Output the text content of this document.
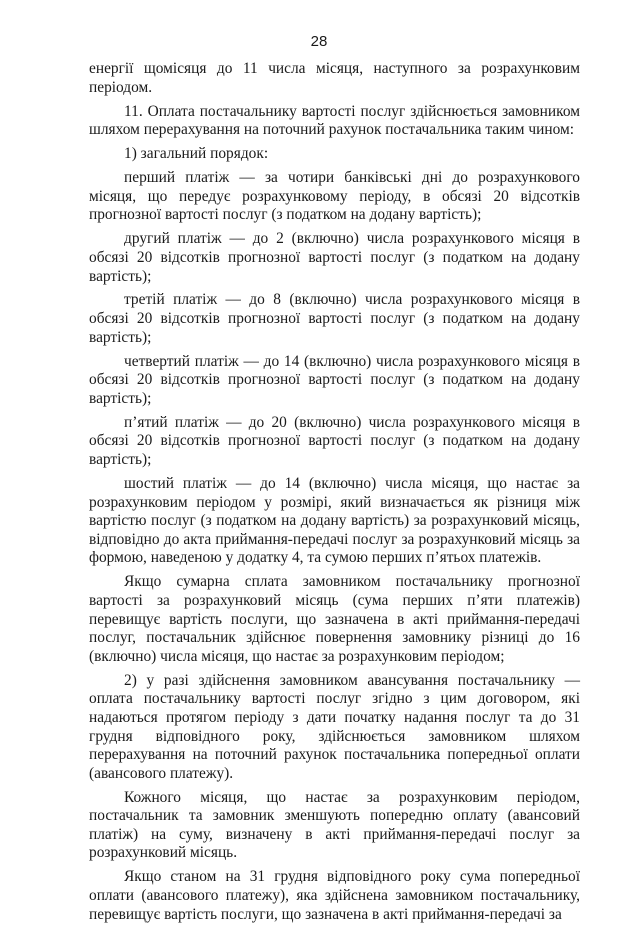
28

енергії щомісяця до 11 числа місяця, наступного за розрахунковим періодом.

11. Оплата постачальнику вартості послуг здійснюється замовником шляхом перерахування на поточний рахунок постачальника таким чином:

1) загальний порядок:

перший платіж — за чотири банківські дні до розрахункового місяця, що передує розрахунковому періоду, в обсязі 20 відсотків прогнозної вартості послуг (з податком на додану вартість);

другий платіж — до 2 (включно) числа розрахункового місяця в обсязі 20 відсотків прогнозної вартості послуг (з податком на додану вартість);

третій платіж — до 8 (включно) числа розрахункового місяця в обсязі 20 відсотків прогнозної вартості послуг (з податком на додану вартість);

четвертий платіж — до 14 (включно) числа розрахункового місяця в обсязі 20 відсотків прогнозної вартості послуг (з податком на додану вартість);

п’ятий платіж — до 20 (включно) числа розрахункового місяця в обсязі 20 відсотків прогнозної вартості послуг (з податком на додану вартість);

шостий платіж — до 14 (включно) числа місяця, що настає за розрахунковим періодом у розмірі, який визначається як різниця між вартістю послуг (з податком на додану вартість) за розрахунковий місяць, відповідно до акта приймання-передачі послуг за розрахунковий місяць за формою, наведеною у додатку 4, та сумою перших п’ятьох платежів.

Якщо сумарна сплата замовником постачальнику прогнозної вартості за розрахунковий місяць (сума перших п’яти платежів) перевищує вартість послуги, що зазначена в акті приймання-передачі послуг, постачальник здійснює повернення замовнику різниці до 16 (включно) числа місяця, що настає за розрахунковим періодом;

2) у разі здійснення замовником авансування постачальнику — оплата постачальнику вартості послуг згідно з цим договором, які надаються протягом періоду з дати початку надання послуг та до 31 грудня відповідного року, здійснюється замовником шляхом перерахування на поточний рахунок постачальника попередньої оплати (авансового платежу).

Кожного місяця, що настає за розрахунковим періодом, постачальник та замовник зменшують попередню оплату (авансовий платіж) на суму, визначену в акті приймання-передачі послуг за розрахунковий місяць.

Якщо станом на 31 грудня відповідного року сума попередньої оплати (авансового платежу), яка здійснена замовником постачальнику, перевищує вартість послуги, що зазначена в акті приймання-передачі за
